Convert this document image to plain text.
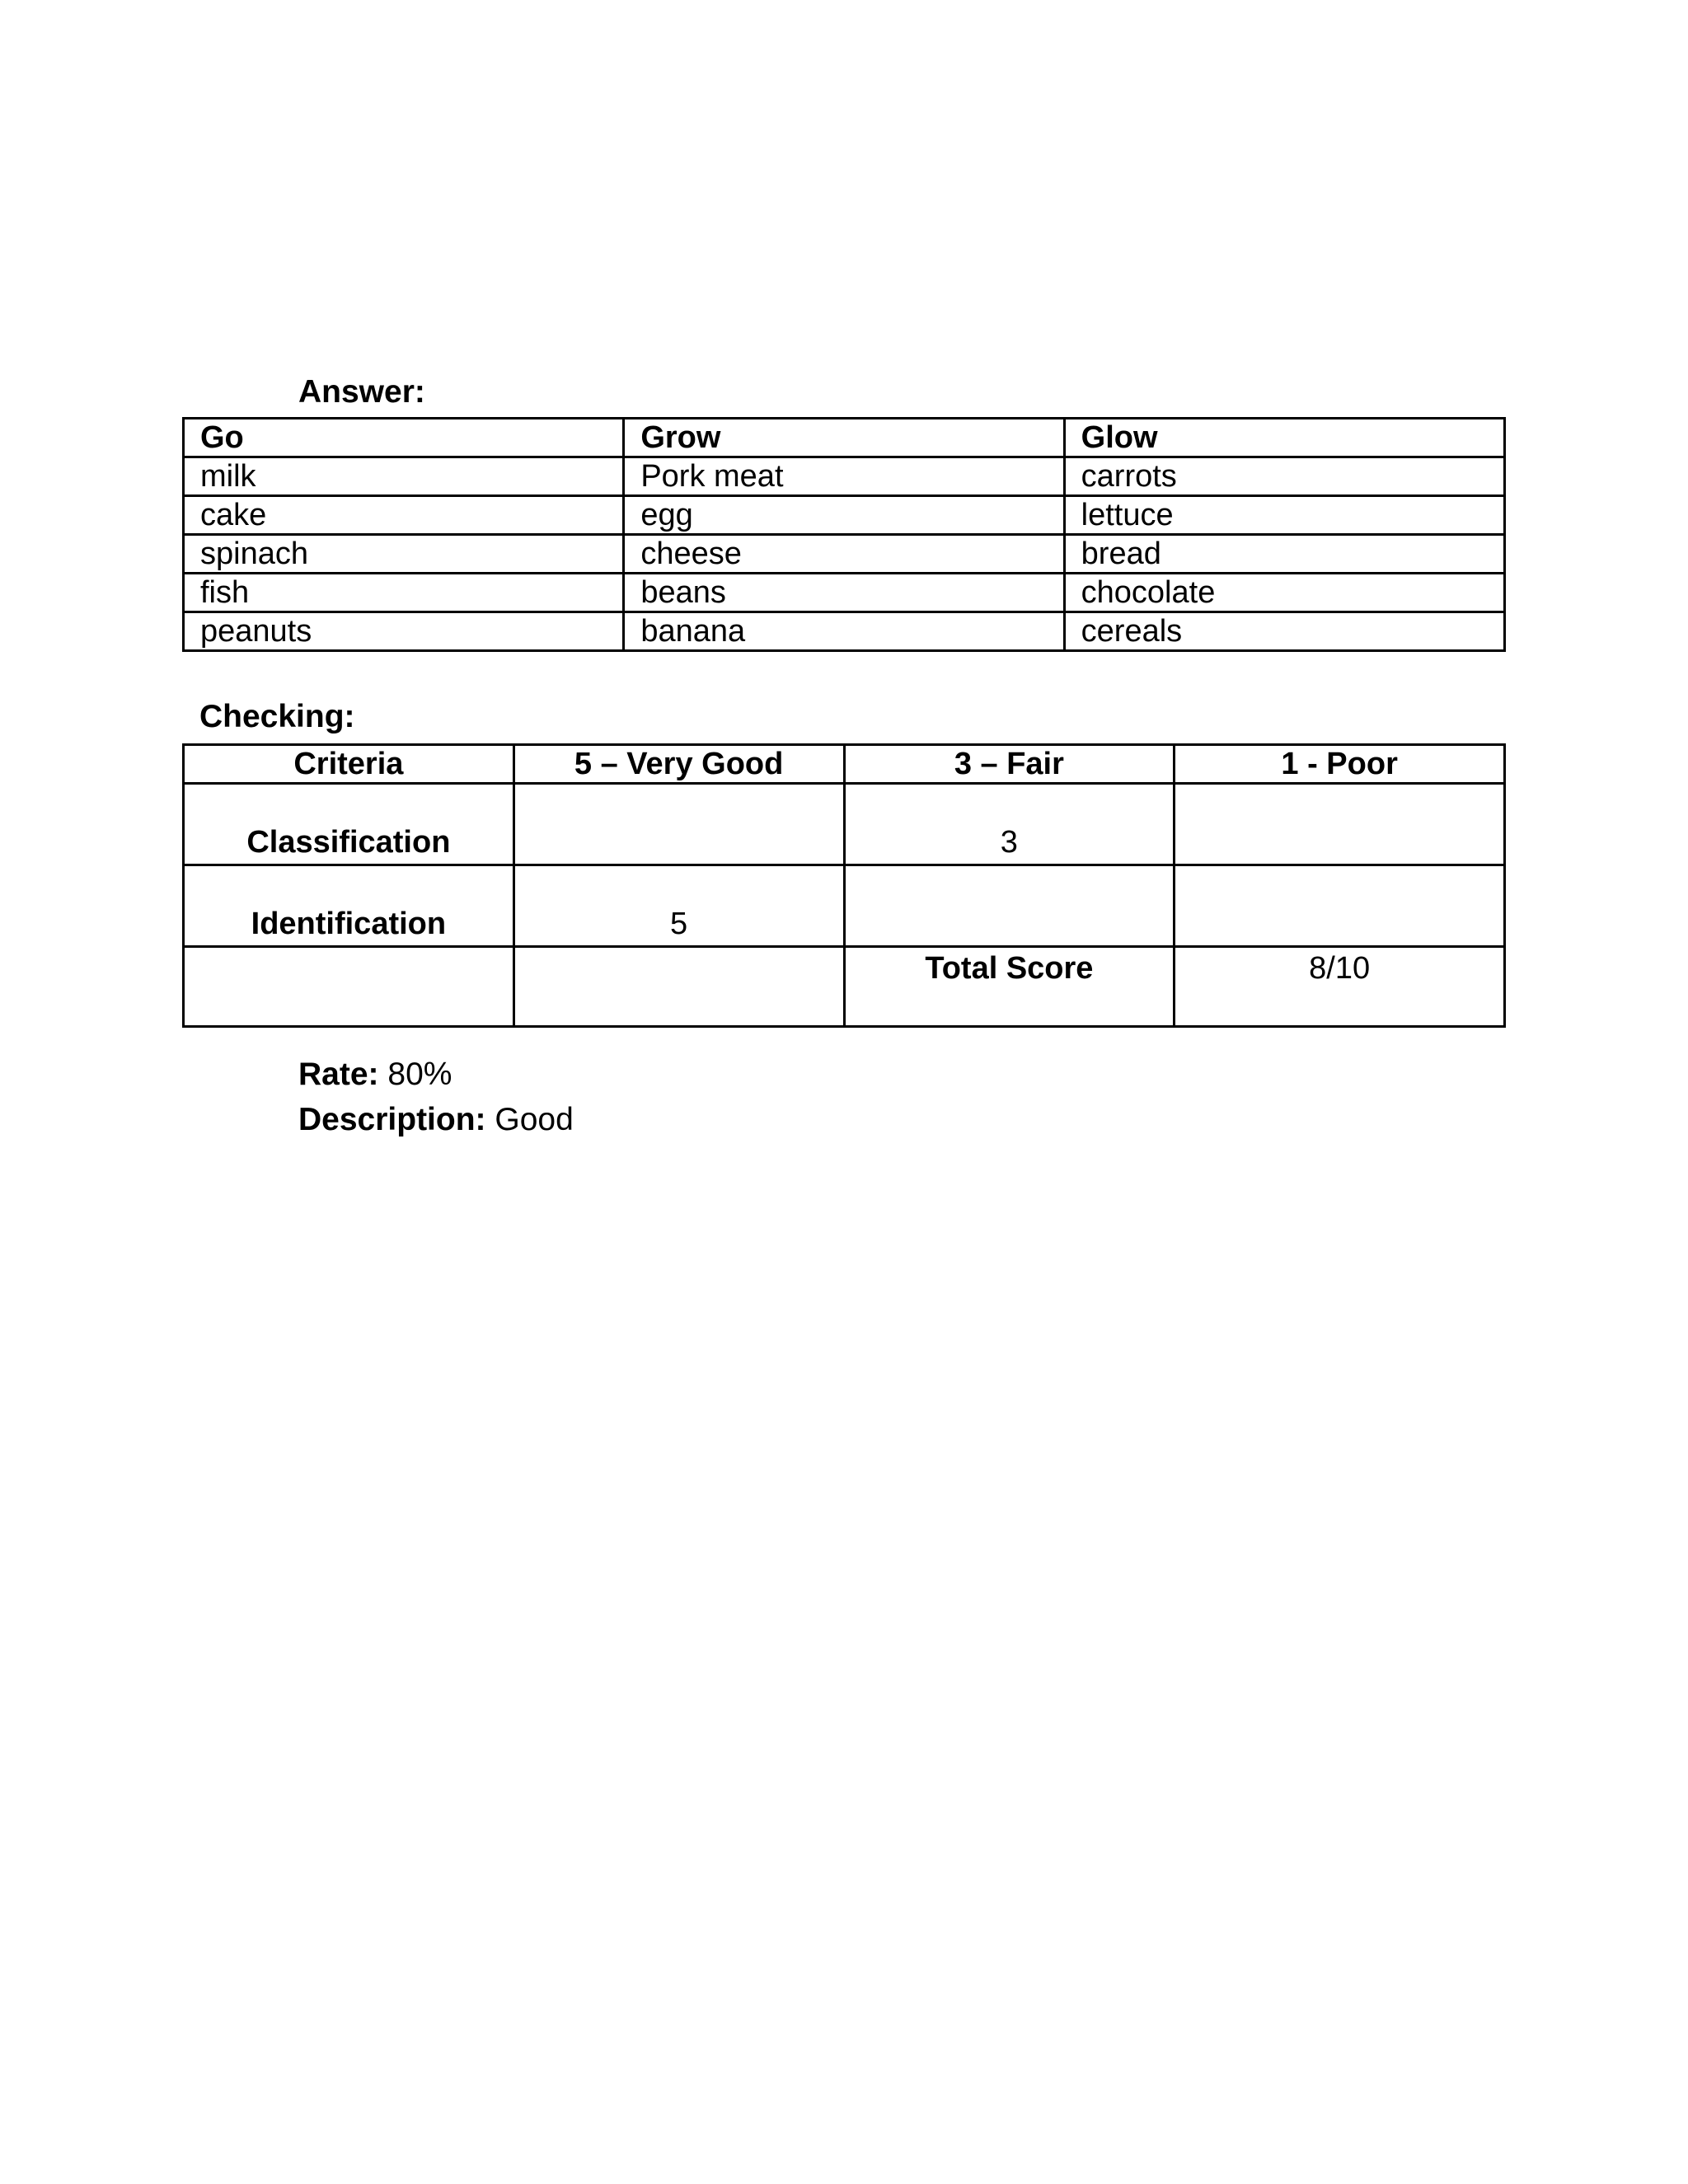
Answer:
Go	Grow	Glow
milk	Pork meat	carrots
cake	egg	lettuce
spinach	cheese	bread
fish	beans	chocolate
peanuts	banana	cereals
Checking:
Criteria	5 – Very Good	3 – Fair	1 - Poor
Classification		3	
Identification	5		
		Total Score	8/10
Rate: 80%
Description: Good
